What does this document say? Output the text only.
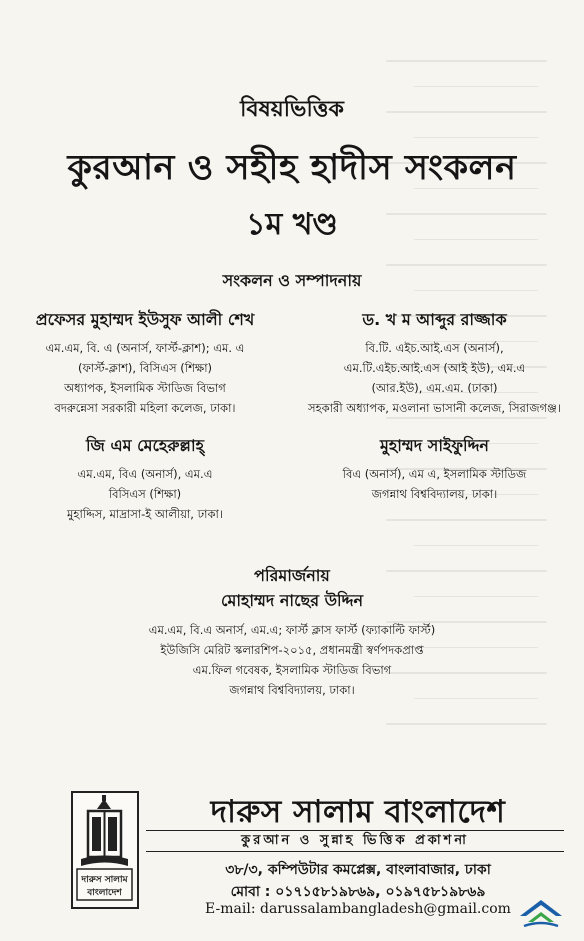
বিষয়ভিত্তিক
কুরআন ও সহীহ হাদীস সংকলন
১ম খণ্ড
সংকলন ও সম্পাদনায়
প্রফেসর মুহাম্মদ ইউসুফ আলী শেখ
এম.এম, বি. এ (অনার্স, ফার্স্ট-ক্লাশ); এম. এ
(ফার্স্ট-ক্লাশ), বিসিএস (শিক্ষা)
অধ্যাপক, ইসলামিক স্টাডিজ বিভাগ
বদরুন্নেসা সরকারী মহিলা কলেজ, ঢাকা।
ড. খ ম আব্দুর রাজ্জাক
বি.টি. এইচ.আই.এস (অনার্স),
এম.টি.এইচ.আই.এস (আই ইউ), এম.এ
(আর.ইউ), এম.এম. (ঢাকা)
সহকারী অধ্যাপক, মওলানা ভাসানী কলেজ, সিরাজগঞ্জ।
জি এম মেহেরুল্লাহ্
এম.এম, বিএ (অনার্স), এম.এ
বিসিএস (শিক্ষা)
মুহাদ্দিস, মাদ্রাসা-ই আলীয়া, ঢাকা।
মুহাম্মদ সাইফুদ্দিন
বিএ (অনার্স), এম এ, ইসলামিক স্টাডিজ
জগন্নাথ বিশ্ববিদ্যালয়, ঢাকা।
পরিমার্জনায়
মোহাম্মদ নাছের উদ্দিন
এম.এম, বি.এ অনার্স, এম.এ; ফার্স্ট ক্লাস ফার্স্ট (ফ্যাকাল্টি ফার্স্ট)
ইউজিসি মেরিট স্কলারশিপ-২০১৫, প্রধানমন্ত্রী স্বর্ণপদকপ্রাপ্ত
এম.ফিল গবেষক, ইসলামিক স্টাডিজ বিভাগ
জগন্নাথ বিশ্ববিদ্যালয়, ঢাকা।
দারুস সালাম
বাংলাদেশ
দারুস সালাম বাংলাদেশ
কুরআন ও সুন্নাহ ভিত্তিক প্রকাশনা
৩৮/৩, কম্পিউটার কমপ্লেক্স, বাংলাবাজার, ঢাকা
মোবা : ০১৭১৫৮১৯৮৬৯, ০১৯৭৫৮১৯৮৬৯
E-mail: darussalambangladesh@gmail.com
